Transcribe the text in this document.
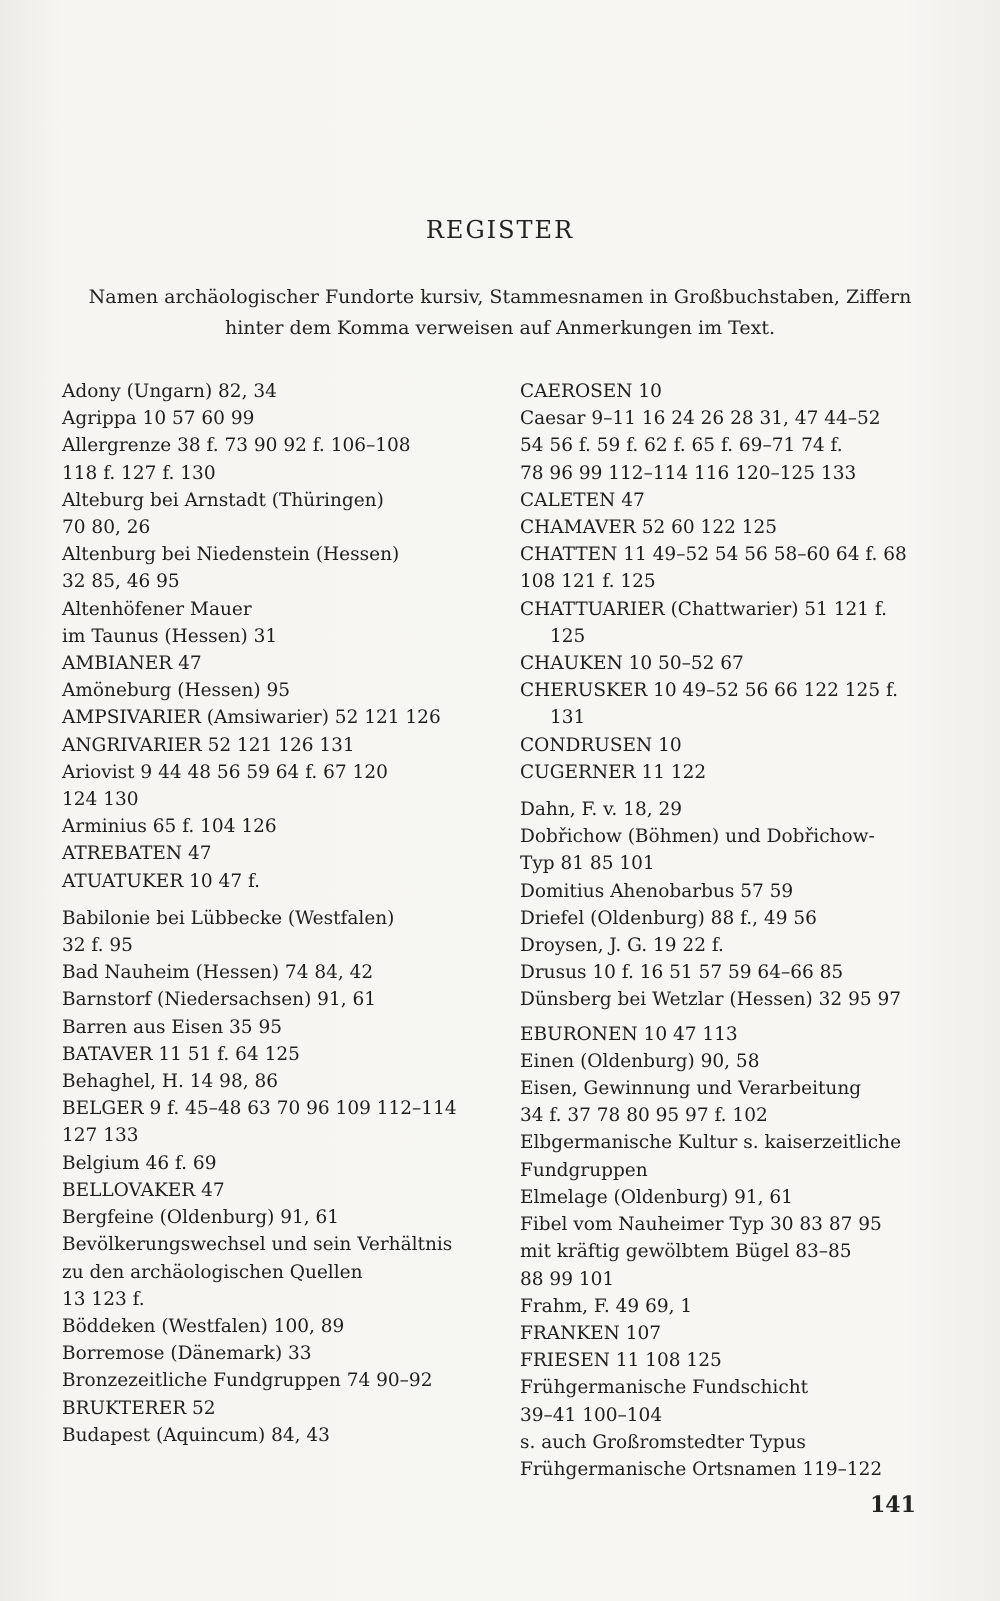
REGISTER
Namen archäologischer Fundorte kursiv, Stammesnamen in Großbuchstaben, Ziffern hinter dem Komma verweisen auf Anmerkungen im Text.
Adony (Ungarn) 82, 34
Agrippa 10 57 60 99
Allergrenze 38 f. 73 90 92 f. 106–108
118 f. 127 f. 130
Alteburg bei Arnstadt (Thüringen)
70 80, 26
Altenburg bei Niedenstein (Hessen)
32 85, 46 95
Altenhöfener Mauer
im Taunus (Hessen) 31
AMBIANER 47
Amöneburg (Hessen) 95
AMPSIVARIER (Amsiwarier) 52 121 126
ANGRIVARIER 52 121 126 131
Ariovist 9 44 48 56 59 64 f. 67 120
124 130
Arminius 65 f. 104 126
ATREBATEN 47
ATUATUKER 10 47 f.
Babilonie bei Lübbecke (Westfalen)
32 f. 95
Bad Nauheim (Hessen) 74 84, 42
Barnstorf (Niedersachsen) 91, 61
Barren aus Eisen 35 95
BATAVER 11 51 f. 64 125
Behaghel, H. 14 98, 86
BELGER 9 f. 45–48 63 70 96 109 112–114
127 133
Belgium 46 f. 69
BELLOVAKER 47
Bergfeine (Oldenburg) 91, 61
Bevölkerungswechsel und sein Verhältnis
zu den archäologischen Quellen
13 123 f.
Böddeken (Westfalen) 100, 89
Borremose (Dänemark) 33
Bronzezeitliche Fundgruppen 74 90–92
BRUKTERER 52
Budapest (Aquincum) 84, 43
CAEROSEN 10
Caesar 9–11 16 24 26 28 31, 47 44–52
54 56 f. 59 f. 62 f. 65 f. 69–71 74 f.
78 96 99 112–114 116 120–125 133
CALETEN 47
CHAMAVER 52 60 122 125
CHATTEN 11 49–52 54 56 58–60 64 f. 68
108 121 f. 125
CHATTUARIER (Chattwarier) 51 121 f. 125
CHAUKEN 10 50–52 67
CHERUSKER 10 49–52 56 66 122 125 f. 131
CONDRUSEN 10
CUGERNER 11 122
Dahn, F. v. 18, 29
Dobřichow (Böhmen) und Dobřichow-
Typ 81 85 101
Domitius Ahenobarbus 57 59
Driefel (Oldenburg) 88 f., 49 56
Droysen, J. G. 19 22 f.
Drusus 10 f. 16 51 57 59 64–66 85
Dünsberg bei Wetzlar (Hessen) 32 95 97
EBURONEN 10 47 113
Einen (Oldenburg) 90, 58
Eisen, Gewinnung und Verarbeitung
34 f. 37 78 80 95 97 f. 102
Elbgermanische Kultur s. kaiserzeitliche
Fundgruppen
Elmelage (Oldenburg) 91, 61
Fibel vom Nauheimer Typ 30 83 87 95
mit kräftig gewölbtem Bügel 83–85
88 99 101
Frahm, F. 49 69, 1
FRANKEN 107
FRIESEN 11 108 125
Frühgermanische Fundschicht
39–41 100–104
s. auch Großromstedter Typus
Frühgermanische Ortsnamen 119–122
141
